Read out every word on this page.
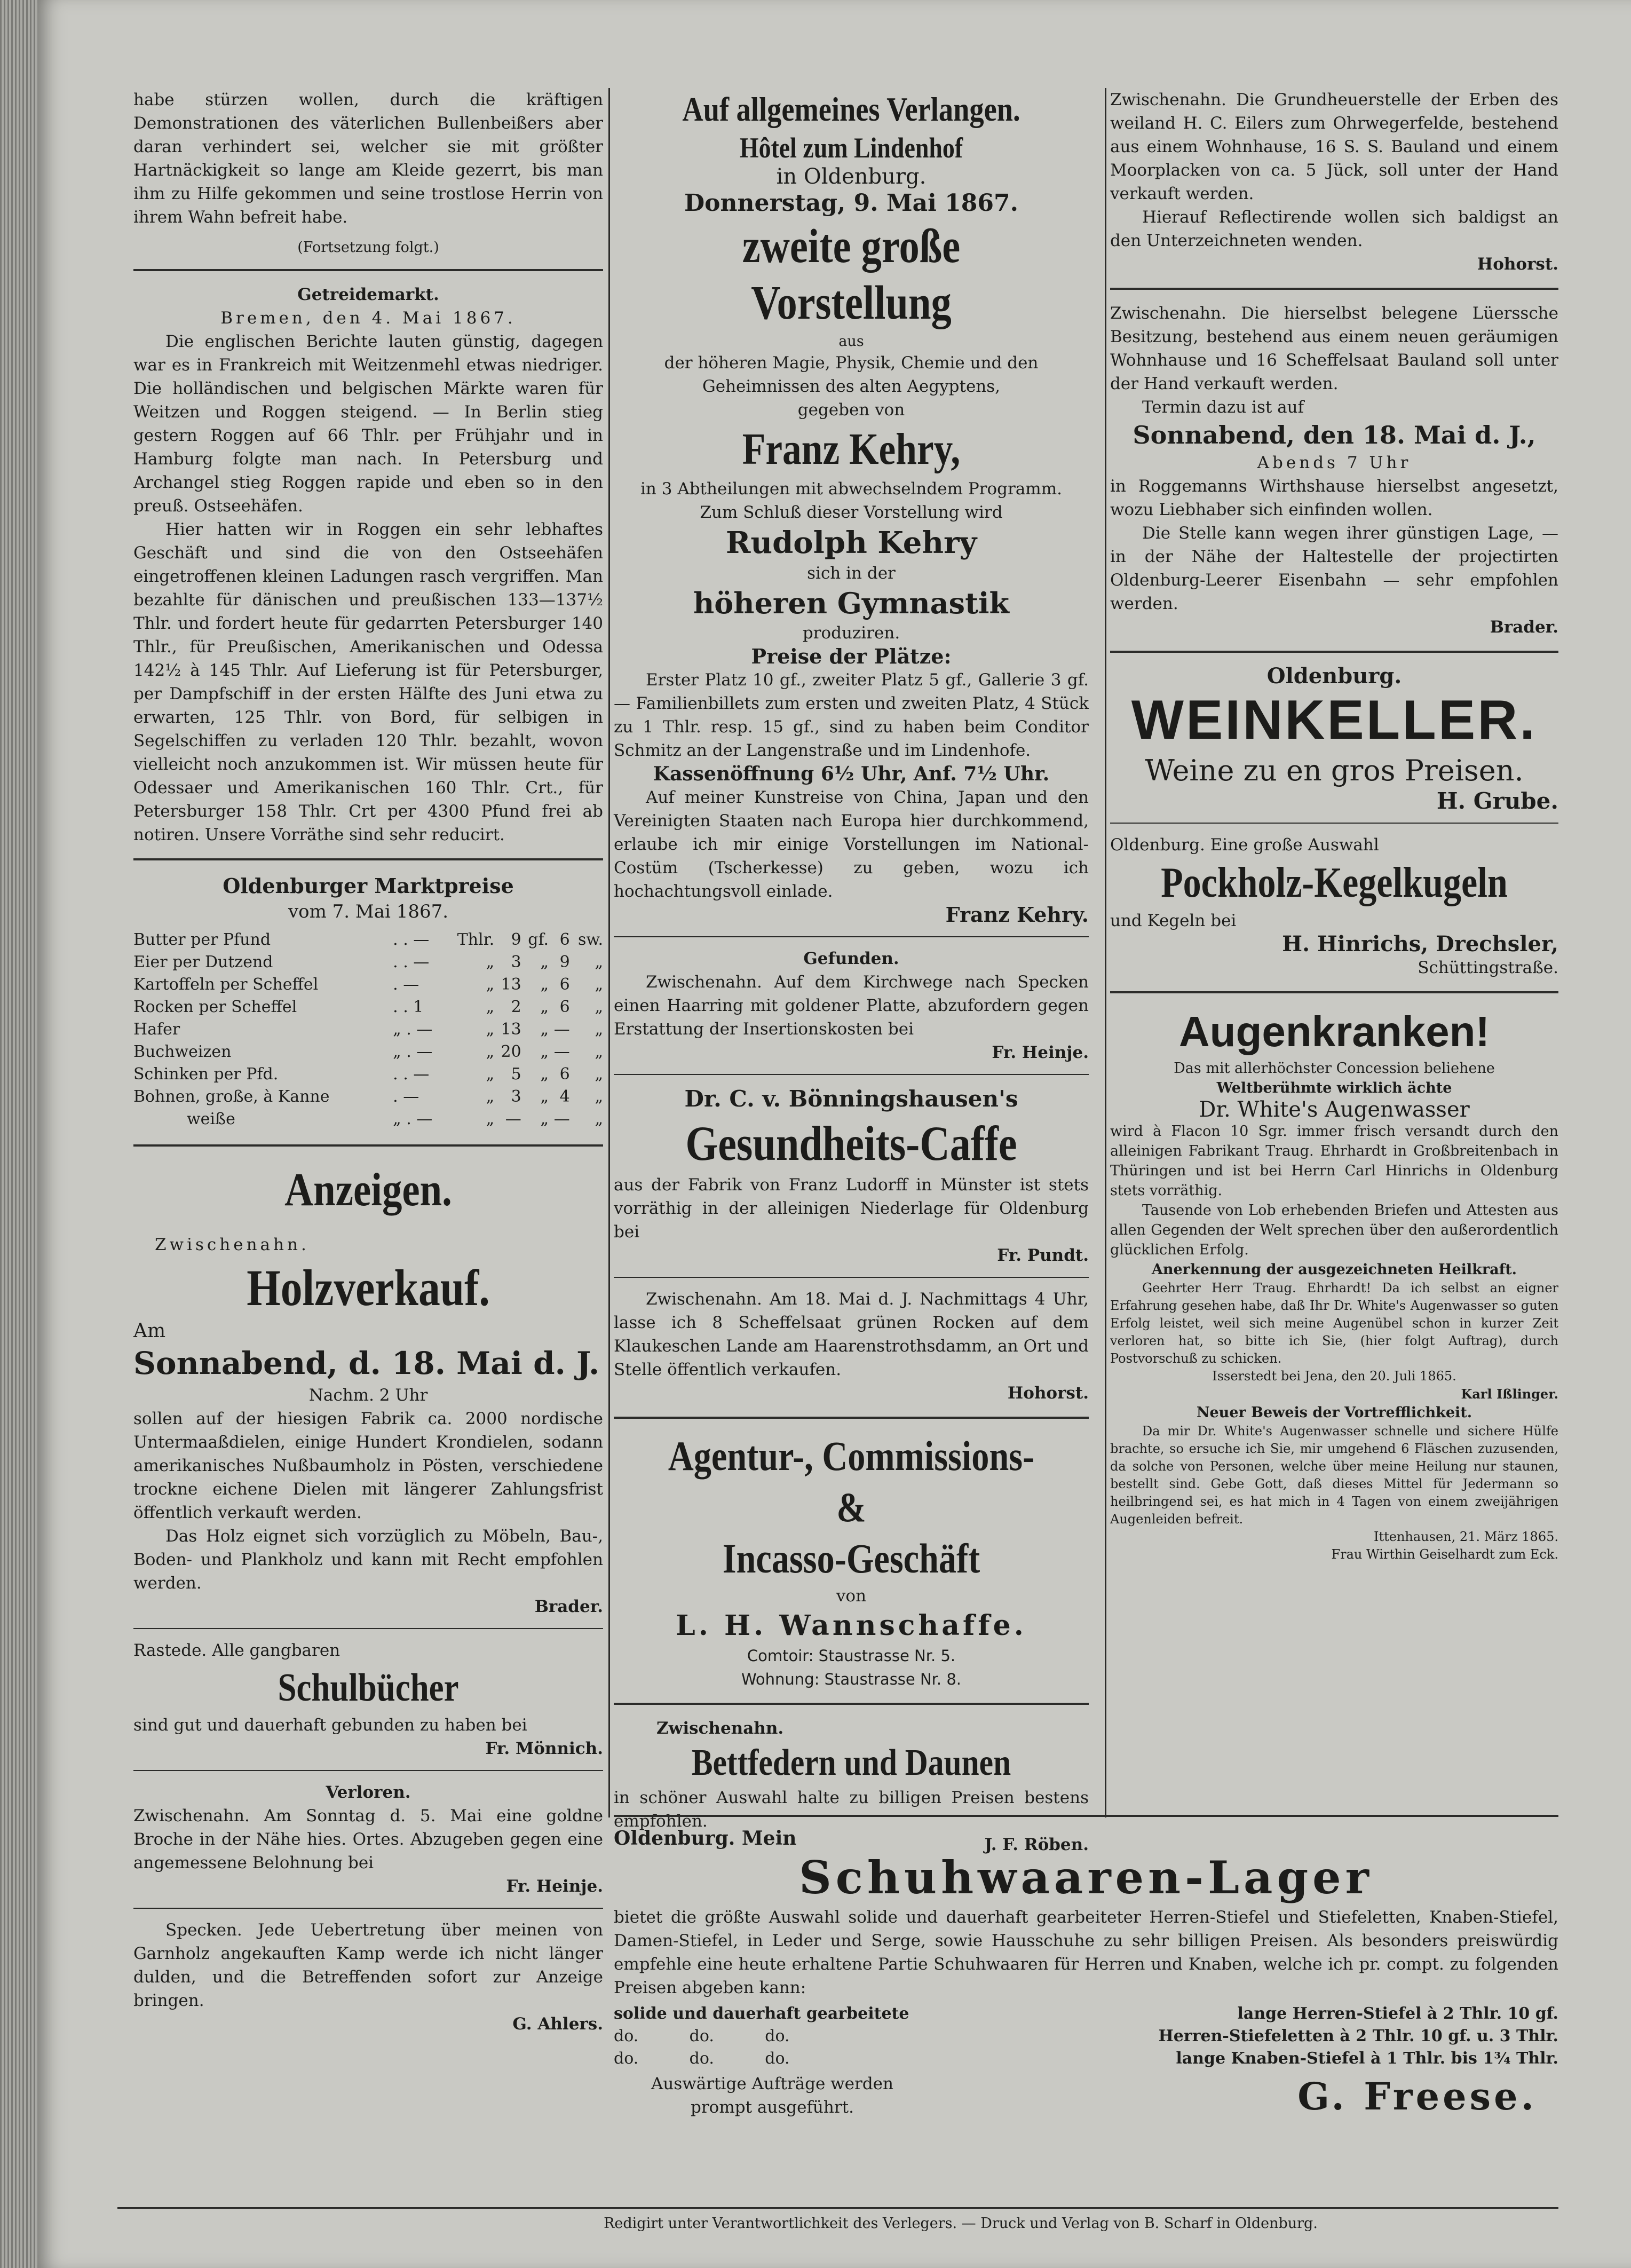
habe stürzen wollen, durch die kräftigen Demonstrationen des väterlichen Bullenbeißers aber daran verhindert sei, welcher sie mit größter Hartnäckigkeit so lange am Kleide gezerrt, bis man ihm zu Hilfe gekommen und seine trostlose Herrin von ihrem Wahn befreit habe.

(Fortsetzung folgt.)

Getreidemarkt.

Bremen, den 4. Mai 1867.

Die englischen Berichte lauten günstig, dagegen war es in Frankreich mit Weitzenmehl etwas niedriger. Die holländischen und belgischen Märkte waren für Weitzen und Roggen steigend. — In Berlin stieg gestern Roggen auf 66 Thlr. per Frühjahr und in Hamburg folgte man nach. In Petersburg und Archangel stieg Roggen rapide und eben so in den preuß. Ostseehäfen.

Hier hatten wir in Roggen ein sehr lebhaftes Geschäft und sind die von den Ostseehäfen eingetroffenen kleinen Ladungen rasch vergriffen. Man bezahlte für dänischen und preußischen 133—137½ Thlr. und fordert heute für gedarrten Petersburger 140 Thlr., für Preußischen, Amerikanischen und Odessa 142½ à 145 Thlr. Auf Lieferung ist für Petersburger, per Dampfschiff in der ersten Hälfte des Juni etwa zu erwarten, 125 Thlr. von Bord, für selbigen in Segelschiffen zu verladen 120 Thlr. bezahlt, wovon vielleicht noch anzukommen ist. Wir müssen heute für Odessaer und Amerikanischen 160 Thlr. Crt., für Petersburger 158 Thlr. Crt per 4300 Pfund frei ab notiren. Unsere Vorräthe sind sehr reducirt.

Oldenburger Marktpreise

vom 7. Mai 1867.

Butter per Pfund	. . —	Thlr.	9	gf.	6	sw.
Eier per Dutzend	. . —	„	3	„	9	„
Kartoffeln per Scheffel	. —	„	13	„	6	„
Rocken per Scheffel	. . 1	„	2	„	6	„
Hafer	„ . —	„	13	„	—	„
Buchweizen	„ . —	„	20	„	—	„
Schinken per Pfd.	. . —	„	5	„	6	„
Bohnen, große, à Kanne	. —	„	3	„	4	„
weiße	„ . —	„	—	„	—	„

Anzeigen.

Zwischenahn.

Holzverkauf.

Am

Sonnabend, d. 18. Mai d. J.

Nachm. 2 Uhr

sollen auf der hiesigen Fabrik ca. 2000 nordische Untermaaßdielen, einige Hundert Krondielen, sodann amerikanisches Nußbaumholz in Pösten, verschiedene trockne eichene Dielen mit längerer Zahlungsfrist öffentlich verkauft werden.

Das Holz eignet sich vorzüglich zu Möbeln, Bau-, Boden- und Plankholz und kann mit Recht empfohlen werden.

Brader.

Rastede. Alle gangbaren

Schulbücher

sind gut und dauerhaft gebunden zu haben bei

Fr. Mönnich.

Verloren.

Zwischenahn. Am Sonntag d. 5. Mai eine goldne Broche in der Nähe hies. Ortes. Abzugeben gegen eine angemessene Belohnung bei

Fr. Heinje.

Specken. Jede Uebertretung über meinen von Garnholz angekauften Kamp werde ich nicht länger dulden, und die Betreffenden sofort zur Anzeige bringen.

G. Ahlers.

Auf allgemeines Verlangen.

Hôtel zum Lindenhof

in Oldenburg.

Donnerstag, 9. Mai 1867.

zweite große Vorstellung

aus

der höheren Magie, Physik, Chemie und den Geheimnissen des alten Aegyptens,

gegeben von

Franz Kehry,

in 3 Abtheilungen mit abwechselndem Programm.

Zum Schluß dieser Vorstellung wird

Rudolph Kehry

sich in der

höheren Gymnastik

produziren.

Preise der Plätze:

Erster Platz 10 gf., zweiter Platz 5 gf., Gallerie 3 gf. — Familienbillets zum ersten und zweiten Platz, 4 Stück zu 1 Thlr. resp. 15 gf., sind zu haben beim Conditor Schmitz an der Langenstraße und im Lindenhofe.

Kassenöffnung 6½ Uhr, Anf. 7½ Uhr.

Auf meiner Kunstreise von China, Japan und den Vereinigten Staaten nach Europa hier durchkommend, erlaube ich mir einige Vorstellungen im National-Costüm (Tscherkesse) zu geben, wozu ich hochachtungsvoll einlade.

Franz Kehry.

Gefunden.

Zwischenahn. Auf dem Kirchwege nach Specken einen Haarring mit goldener Platte, abzufordern gegen Erstattung der Insertionskosten bei

Fr. Heinje.

Dr. C. v. Bönningshausen's

Gesundheits-Caffe

aus der Fabrik von Franz Ludorff in Münster ist stets vorräthig in der alleinigen Niederlage für Oldenburg bei

Fr. Pundt.

Zwischenahn. Am 18. Mai d. J. Nachmittags 4 Uhr, lasse ich 8 Scheffelsaat grünen Rocken auf dem Klaukeschen Lande am Haarenstrothsdamm, an Ort und Stelle öffentlich verkaufen.

Hohorst.

Agentur-, Commissions- &

Incasso-Geschäft

von

L. H. Wannschaffe.

Comtoir: Staustrasse Nr. 5.

Wohnung: Staustrasse Nr. 8.

Zwischenahn.

Bettfedern und Daunen

in schöner Auswahl halte zu billigen Preisen bestens empfohlen.

J. F. Röben.

Zwischenahn. Die Grundheuerstelle der Erben des weiland H. C. Eilers zum Ohrwegerfelde, bestehend aus einem Wohnhause, 16 S. S. Bauland und einem Moorplacken von ca. 5 Jück, soll unter der Hand verkauft werden.

Hierauf Reflectirende wollen sich baldigst an den Unterzeichneten wenden.

Hohorst.

Zwischenahn. Die hierselbst belegene Lüerssche Besitzung, bestehend aus einem neuen geräumigen Wohnhause und 16 Scheffelsaat Bauland soll unter der Hand verkauft werden.

Termin dazu ist auf

Sonnabend, den 18. Mai d. J.,

Abends 7 Uhr

in Roggemanns Wirthshause hierselbst angesetzt, wozu Liebhaber sich einfinden wollen.

Die Stelle kann wegen ihrer günstigen Lage, — in der Nähe der Haltestelle der projectirten Oldenburg-Leerer Eisenbahn — sehr empfohlen werden.

Brader.

Oldenburg.

WEINKELLER.

Weine zu en gros Preisen.

H. Grube.

Oldenburg. Eine große Auswahl

Pockholz-Kegelkugeln

und Kegeln bei

H. Hinrichs, Drechsler,

Schüttingstraße.

Augenkranken!

Das mit allerhöchster Concession beliehene

Weltberühmte wirklich ächte

Dr. White's Augenwasser

wird à Flacon 10 Sgr. immer frisch versandt durch den alleinigen Fabrikant Traug. Ehrhardt in Großbreitenbach in Thüringen und ist bei Herrn Carl Hinrichs in Oldenburg stets vorräthig.

Tausende von Lob erhebenden Briefen und Attesten aus allen Gegenden der Welt sprechen über den außerordentlich glücklichen Erfolg.

Anerkennung der ausgezeichneten Heilkraft.

Geehrter Herr Traug. Ehrhardt! Da ich selbst an eigner Erfahrung gesehen habe, daß Ihr Dr. White's Augenwasser so guten Erfolg leistet, weil sich meine Augenübel schon in kurzer Zeit verloren hat, so bitte ich Sie, (hier folgt Auftrag), durch Postvorschuß zu schicken.

Isserstedt bei Jena, den 20. Juli 1865.

Karl Ißlinger.

Neuer Beweis der Vortrefflichkeit.

Da mir Dr. White's Augenwasser schnelle und sichere Hülfe brachte, so ersuche ich Sie, mir umgehend 6 Fläschen zuzusenden, da solche von Personen, welche über meine Heilung nur staunen, bestellt sind. Gebe Gott, daß dieses Mittel für Jedermann so heilbringend sei, es hat mich in 4 Tagen von einem zweijährigen Augenleiden befreit.

Ittenhausen, 21. März 1865.

Frau Wirthin Geiselhardt zum Eck.

Oldenburg. Mein

Schuhwaaren-Lager

bietet die größte Auswahl solide und dauerhaft gearbeiteter Herren-Stiefel und Stiefeletten, Knaben-Stiefel, Damen-Stiefel, in Leder und Serge, sowie Hausschuhe zu sehr billigen Preisen. Als besonders preiswürdig empfehle eine heute erhaltene Partie Schuhwaaren für Herren und Knaben, welche ich pr. compt. zu folgenden Preisen abgeben kann:

solide und dauerhaft gearbeitete	lange Herren-Stiefel à 2 Thlr. 10 gf.
do.          do.          do.	Herren-Stiefeletten à 2 Thlr. 10 gf. u. 3 Thlr.
do.          do.          do.	lange Knaben-Stiefel à 1 Thlr. bis 1¾ Thlr.

Auswärtige Aufträge werden

prompt ausgeführt.	G. Freese.

Redigirt unter Verantwortlichkeit des Verlegers. — Druck und Verlag von B. Scharf in Oldenburg.
